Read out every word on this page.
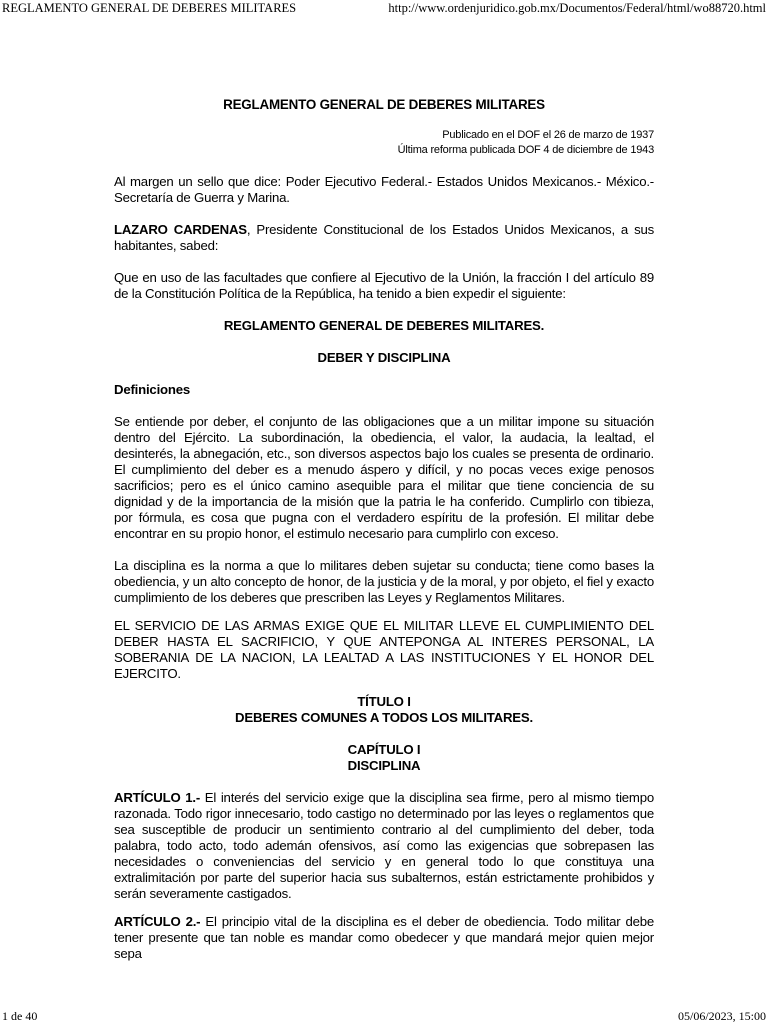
REGLAMENTO GENERAL DE DEBERES MILITARES	http://www.ordenjuridico.gob.mx/Documentos/Federal/html/wo88720.html

REGLAMENTO GENERAL DE DEBERES MILITARES

Publicado en el DOF el 26 de marzo de 1937
Última reforma publicada DOF 4 de diciembre de 1943

Al margen un sello que dice: Poder Ejecutivo Federal.- Estados Unidos Mexicanos.- México.- Secretaría de Guerra y Marina.

LAZARO CARDENAS, Presidente Constitucional de los Estados Unidos Mexicanos, a sus habitantes, sabed:

Que en uso de las facultades que confiere al Ejecutivo de la Unión, la fracción I del artículo 89 de la Constitución Política de la República, ha tenido a bien expedir el siguiente:

REGLAMENTO GENERAL DE DEBERES MILITARES.

DEBER Y DISCIPLINA

Definiciones

Se entiende por deber, el conjunto de las obligaciones que a un militar impone su situación dentro del Ejército. La subordinación, la obediencia, el valor, la audacia, la lealtad, el desinterés, la abnegación, etc., son diversos aspectos bajo los cuales se presenta de ordinario. El cumplimiento del deber es a menudo áspero y difícil, y no pocas veces exige penosos sacrificios; pero es el único camino asequible para el militar que tiene conciencia de su dignidad y de la importancia de la misión que la patria le ha conferido. Cumplirlo con tibieza, por fórmula, es cosa que pugna con el verdadero espíritu de la profesión. El militar debe encontrar en su propio honor, el estimulo necesario para cumplirlo con exceso.

La disciplina es la norma a que lo militares deben sujetar su conducta; tiene como bases la obediencia, y un alto concepto de honor, de la justicia y de la moral, y por objeto, el fiel y exacto cumplimiento de los deberes que prescriben las Leyes y Reglamentos Militares.

EL SERVICIO DE LAS ARMAS EXIGE QUE EL MILITAR LLEVE EL CUMPLIMIENTO DEL DEBER HASTA EL SACRIFICIO, Y QUE ANTEPONGA AL INTERES PERSONAL, LA SOBERANIA DE LA NACION, LA LEALTAD A LAS INSTITUCIONES Y EL HONOR DEL EJERCITO.

TÍTULO I
DEBERES COMUNES A TODOS LOS MILITARES.
CAPÍTULO I
DISCIPLINA

ARTÍCULO 1.- El interés del servicio exige que la disciplina sea firme, pero al mismo tiempo razonada. Todo rigor innecesario, todo castigo no determinado por las leyes o reglamentos que sea susceptible de producir un sentimiento contrario al del cumplimiento del deber, toda palabra, todo acto, todo ademán ofensivos, así como las exigencias que sobrepasen las necesidades o conveniencias del servicio y en general todo lo que constituya una extralimitación por parte del superior hacia sus subalternos, están estrictamente prohibidos y serán severamente castigados.

ARTÍCULO 2.- El principio vital de la disciplina es el deber de obediencia. Todo militar debe tener presente que tan noble es mandar como obedecer y que mandará mejor quien mejor sepa

1 de 40	05/06/2023, 15:00
